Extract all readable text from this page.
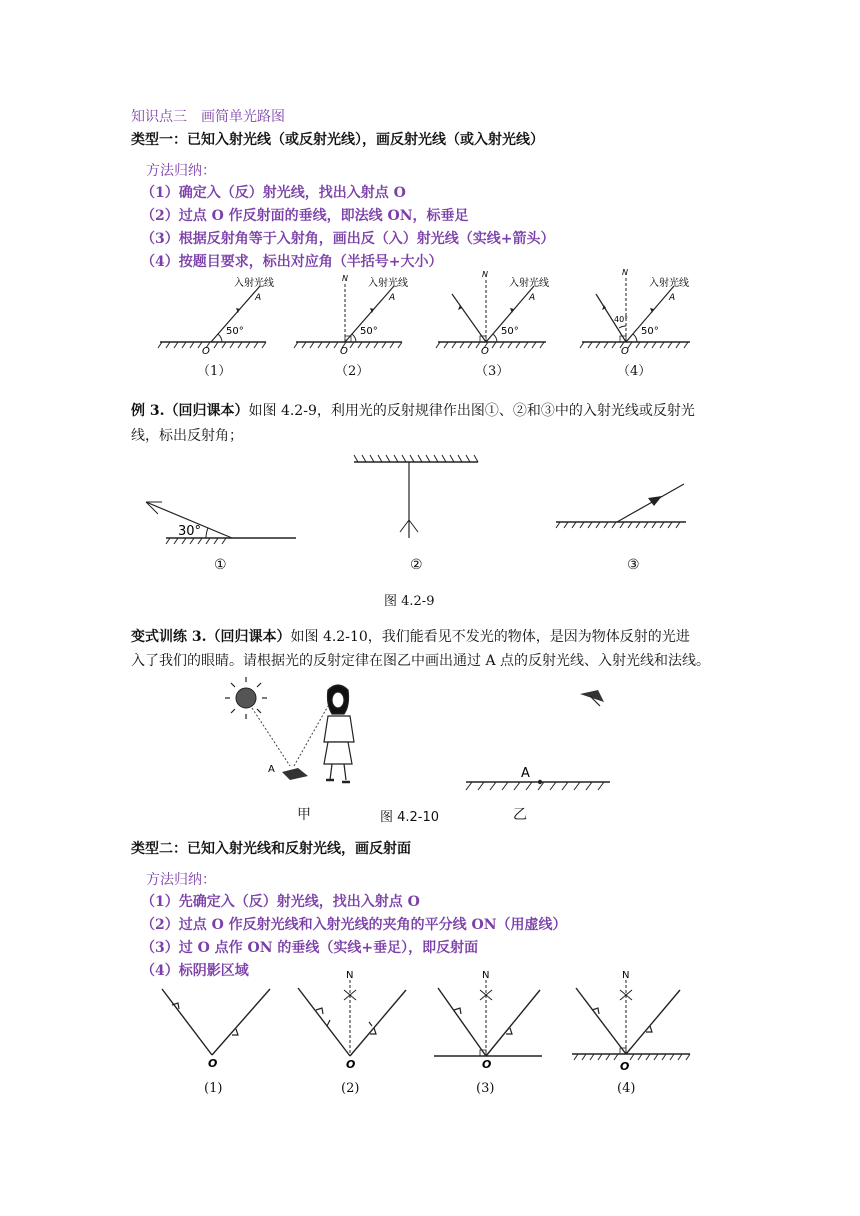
知识点三　画简单光路图
类型一：已知入射光线（或反射光线），画反射光线（或入射光线）
方法归纳：
（1）确定入（反）射光线，找出入射点 O
（2）过点 O 作反射面的垂线，即法线 ON，标垂足
（3）根据反射角等于入射角，画出反（入）射光线（实线+箭头）
（4）按题目要求，标出对应角（半括号+大小）
入射光线
A
50°
O
（1）
N 入射光线
A
50°
O
（2）
N
入射光线
A
50°
O
（3）
N
入射光线
A
40°
50°
O
（4）
例 3.（回归课本）如图 4.2-9，利用光的反射规律作出图①、②和③中的入射光线或反射光
线，标出反射角；
30°
①	②	③
图 4.2-9
变式训练 3.（回归课本）如图 4.2-10，我们能看见不发光的物体，是因为物体反射的光进
入了我们的眼睛。请根据光的反射定律在图乙中画出通过 A 点的反射光线、入射光线和法线。
A	A
甲	图 4.2-10	乙
类型二：已知入射光线和反射光线，画反射面
方法归纳：
（1）先确定入（反）射光线，找出入射点 O
（2）过点 O 作反射光线和入射光线的夹角的平分线 ON（用虚线）
（3）过 O 点作 ON 的垂线（实线+垂足），即反射面
（4）标阴影区域
O
(1)
N
O
(2)
N
O
(3)
N
O
(4)
